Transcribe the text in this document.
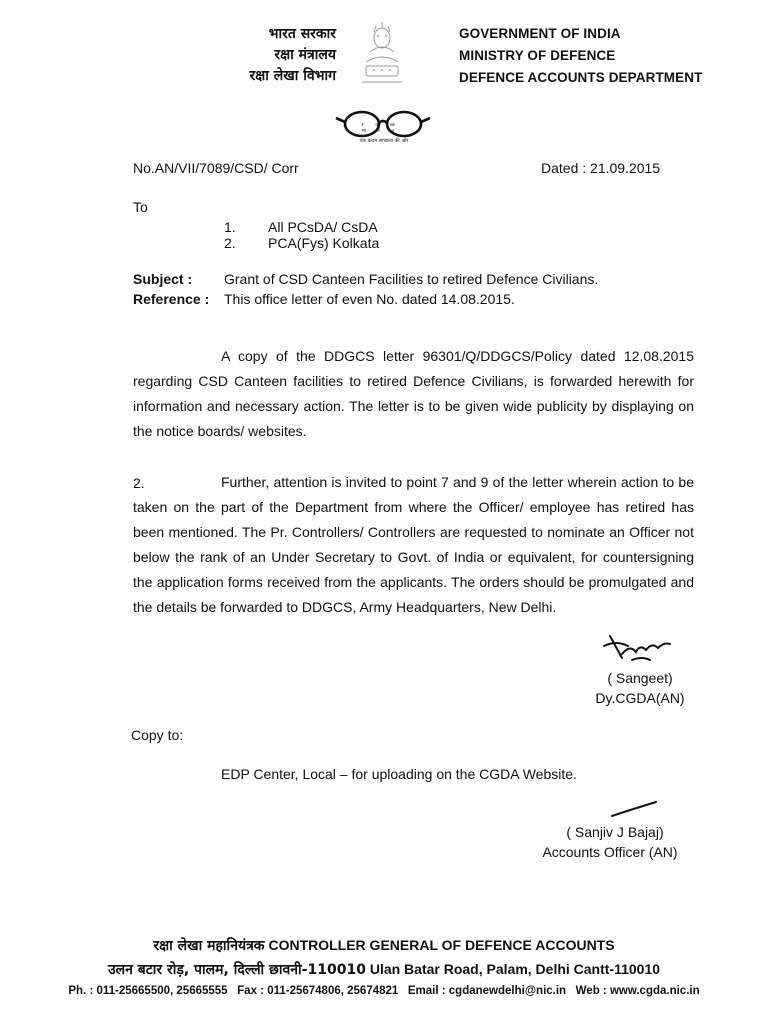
भारत सरकार
रक्षा मंत्रालय
रक्षा लेखा विभाग
एक कदम स्वच्छता की ओर
स्वच्छ भारत
GOVERNMENT OF INDIA
MINISTRY OF DEFENCE
DEFENCE ACCOUNTS DEPARTMENT
No.AN/VII/7089/CSD/ Corr	Dated : 21.09.2015
To
1. All PCsDA/ CsDA
2. PCA(Fys) Kolkata
Subject : Grant of CSD Canteen Facilities to retired Defence Civilians.
Reference : This office letter of even No. dated 14.08.2015.
A copy of the DDGCS letter 96301/Q/DDGCS/Policy dated 12.08.2015 regarding CSD Canteen facilities to retired Defence Civilians, is forwarded herewith for information and necessary action. The letter is to be given wide publicity by displaying on the notice boards/ websites.
2.	Further, attention is invited to point 7 and 9 of the letter wherein action to be taken on the part of the Department from where the Officer/ employee has retired has been mentioned. The Pr. Controllers/ Controllers are requested to nominate an Officer not below the rank of an Under Secretary to Govt. of India or equivalent, for countersigning the application forms received from the applicants. The orders should be promulgated and the details be forwarded to DDGCS, Army Headquarters, New Delhi.
( Sangeet)
Dy.CGDA(AN)
Copy to:
EDP Center, Local – for uploading on the CGDA Website.
( Sanjiv J Bajaj)
Accounts Officer (AN)
रक्षा लेखा महानियंत्रक CONTROLLER GENERAL OF DEFENCE ACCOUNTS
उलन बटार रोड़, पालम, दिल्ली छावनी-110010 Ulan Batar Road, Palam, Delhi Cantt-110010
Ph. : 011-25665500, 25665555   Fax : 011-25674806, 25674821   Email : cgdanewdelhi@nic.in   Web : www.cgda.nic.in
